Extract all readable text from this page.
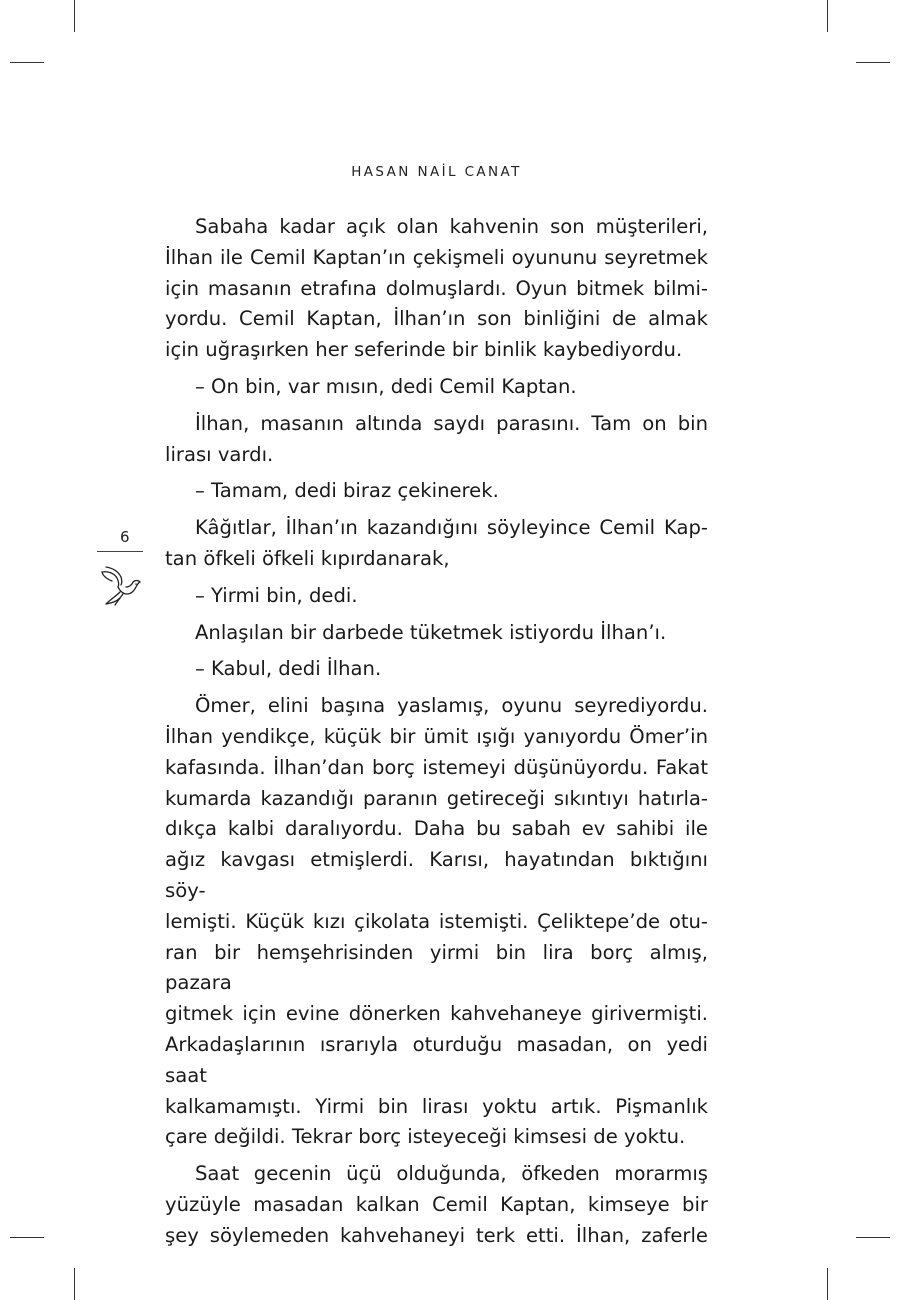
HASAN NAİL CANAT
6

Sabaha kadar açık olan kahvenin son müşterileri,
İlhan ile Cemil Kaptan’ın çekişmeli oyununu seyretmek
için masanın etrafına dolmuşlardı. Oyun bitmek bilmi-
yordu. Cemil Kaptan, İlhan’ın son binliğini de almak
için uğraşırken her seferinde bir binlik kaybediyordu.

– On bin, var mısın, dedi Cemil Kaptan.

İlhan, masanın altında saydı parasını. Tam on bin
lirası vardı.

– Tamam, dedi biraz çekinerek.

Kâğıtlar, İlhan’ın kazandığını söyleyince Cemil Kap-
tan öfkeli öfkeli kıpırdanarak,

– Yirmi bin, dedi.

Anlaşılan bir darbede tüketmek istiyordu İlhan’ı.

– Kabul, dedi İlhan.

Ömer, elini başına yaslamış, oyunu seyrediyordu.
İlhan yendikçe, küçük bir ümit ışığı yanıyordu Ömer’in
kafasında. İlhan’dan borç istemeyi düşünüyordu. Fakat
kumarda kazandığı paranın getireceği sıkıntıyı hatırla-
dıkça kalbi daralıyordu. Daha bu sabah ev sahibi ile
ağız kavgası etmişlerdi. Karısı, hayatından bıktığını söy-
lemişti. Küçük kızı çikolata istemişti. Çeliktepe’de otu-
ran bir hemşehrisinden yirmi bin lira borç almış, pazara
gitmek için evine dönerken kahvehaneye girivermişti.
Arkadaşlarının ısrarıyla oturduğu masadan, on yedi saat
kalkamamıştı. Yirmi bin lirası yoktu artık. Pişmanlık
çare değildi. Tekrar borç isteyeceği kimsesi de yoktu.

Saat gecenin üçü olduğunda, öfkeden morarmış
yüzüyle masadan kalkan Cemil Kaptan, kimseye bir
şey söylemeden kahvehaneyi terk etti. İlhan, zaferle
